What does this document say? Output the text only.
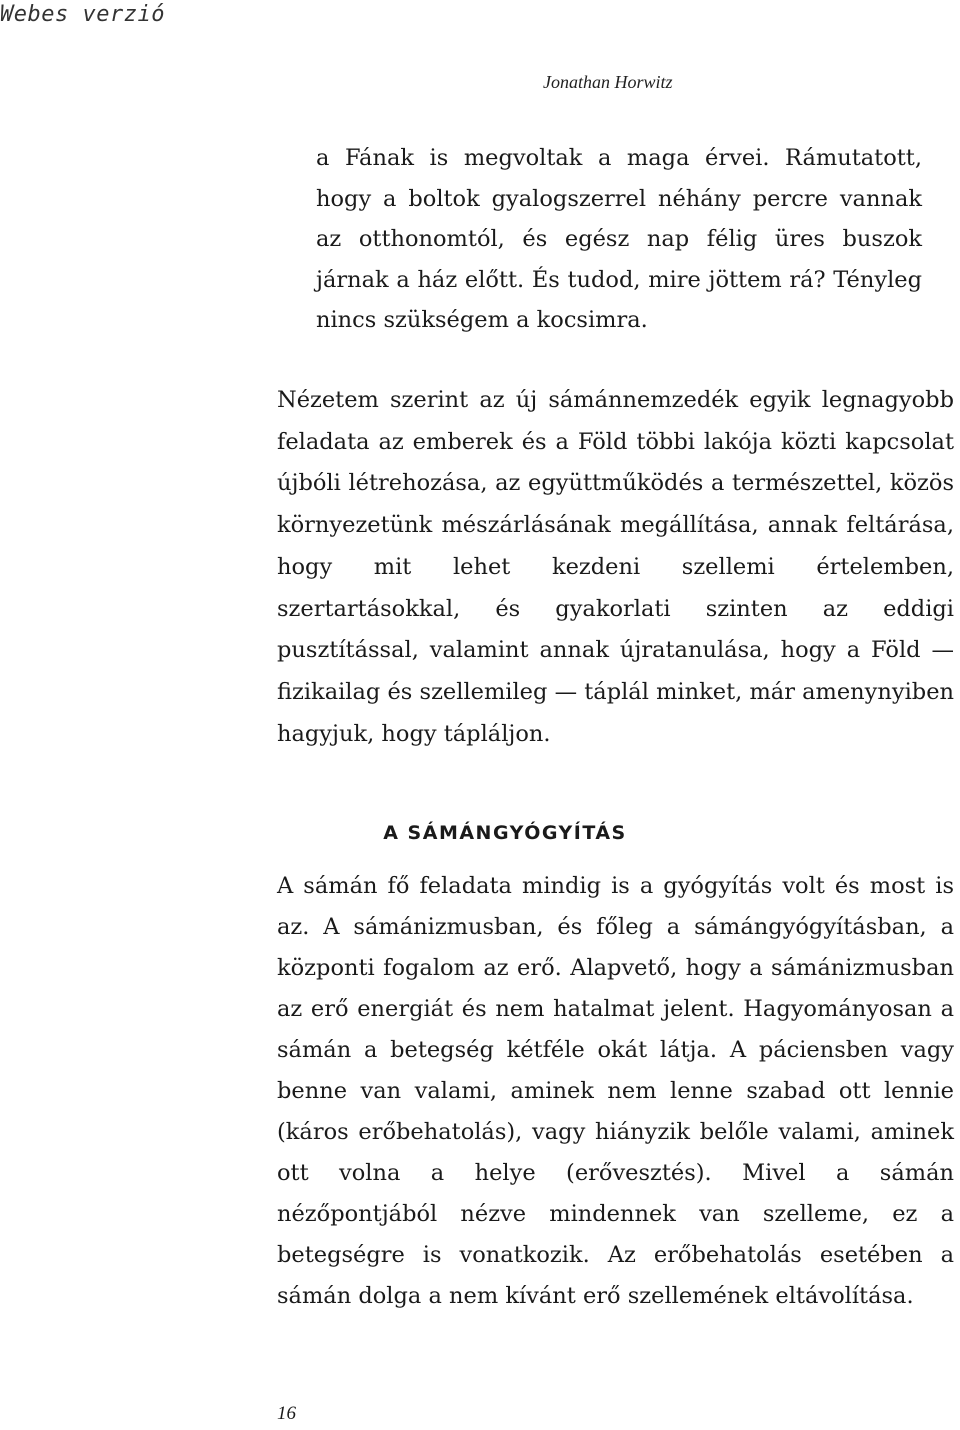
Webes verzió
Jonathan Horwitz
a Fának is megvoltak a maga érvei. Rámutatott, hogy a boltok gyalogszerrel néhány percre vannak az otthonomtól, és egész nap félig üres buszok járnak a ház előtt. És tudod, mire jöttem rá? Tényleg nincs szükségem a kocsimra.
Nézetem szerint az új sámánnemzedék egyik legnagyobb feladata az emberek és a Föld többi lakója közti kapcsolat újbóli létrehozása, az együttműködés a természettel, közös környezetünk mészárlásának megállítása, annak feltárása, hogy mit lehet kezdeni szellemi értelemben, szertartásokkal, és gyakorlati szinten az eddigi pusztítással, valamint annak újratanulása, hogy a Föld — fizikailag és szellemileg — táplál minket, már amenynyiben hagyjuk, hogy tápláljon.
A SÁMÁNGYÓGYÍTÁS
A sámán fő feladata mindig is a gyógyítás volt és most is az. A sámánizmusban, és főleg a sámángyógyításban, a központi fogalom az erő. Alapvető, hogy a sámánizmusban az erő energiát és nem hatalmat jelent. Hagyományosan a sámán a betegség kétféle okát látja. A páciensben vagy benne van valami, aminek nem lenne szabad ott lennie (káros erőbehatolás), vagy hiányzik belőle valami, aminek ott volna a helye (erővesztés). Mivel a sámán nézőpontjából nézve mindennek van szelleme, ez a betegségre is vonatkozik. Az erőbehatolás esetében a sámán dolga a nem kívánt erő szellemének eltávolítása.
16
